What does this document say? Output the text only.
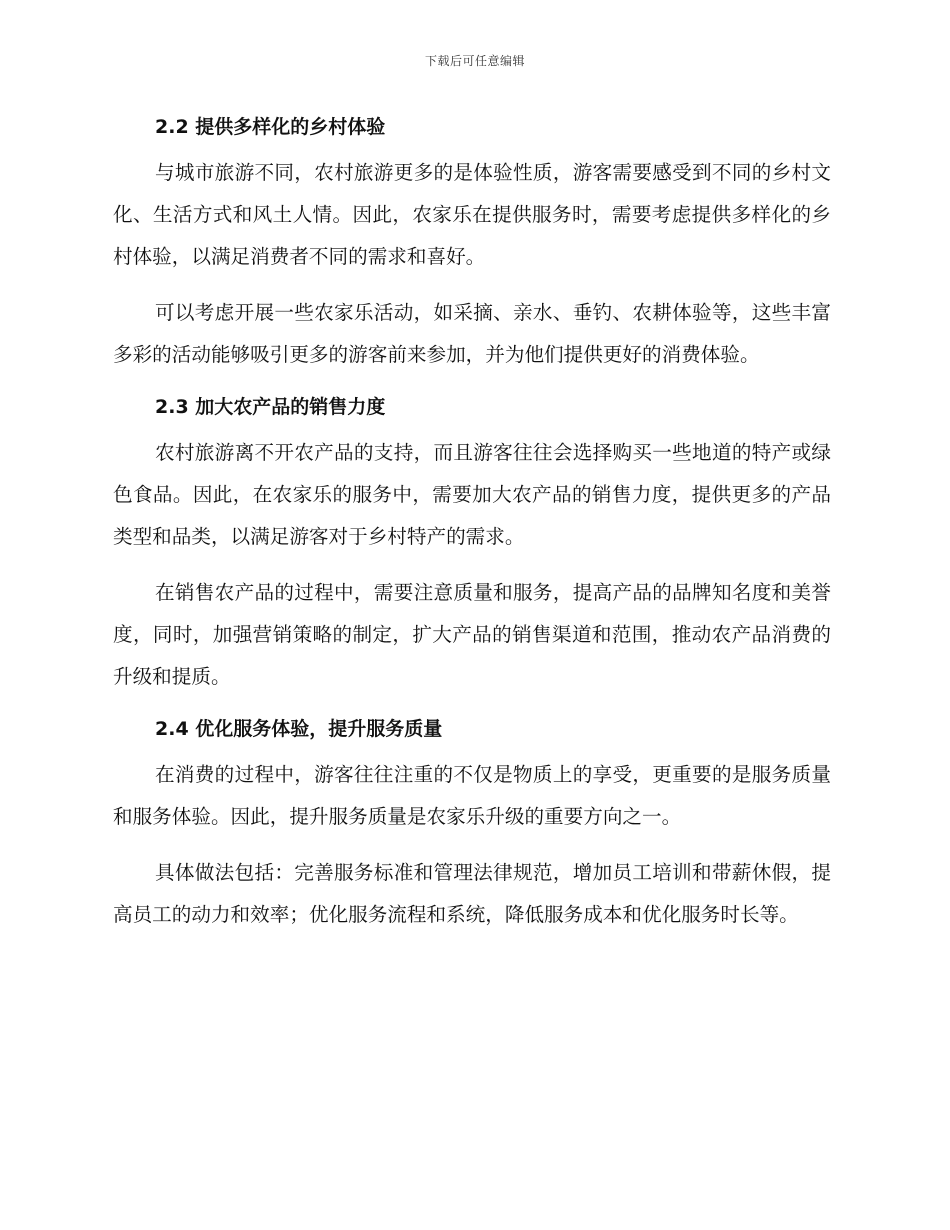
下载后可任意编辑
2.2 提供多样化的乡村体验

与城市旅游不同，农村旅游更多的是体验性质，游客需要感受到不同的乡村文化、生活方式和风土人情。因此，农家乐在提供服务时，需要考虑提供多样化的乡村体验，以满足消费者不同的需求和喜好。

可以考虑开展一些农家乐活动，如采摘、亲水、垂钓、农耕体验等，这些丰富多彩的活动能够吸引更多的游客前来参加，并为他们提供更好的消费体验。

2.3 加大农产品的销售力度

农村旅游离不开农产品的支持，而且游客往往会选择购买一些地道的特产或绿色食品。因此，在农家乐的服务中，需要加大农产品的销售力度，提供更多的产品类型和品类，以满足游客对于乡村特产的需求。

在销售农产品的过程中，需要注意质量和服务，提高产品的品牌知名度和美誉度，同时，加强营销策略的制定，扩大产品的销售渠道和范围，推动农产品消费的升级和提质。

2.4 优化服务体验，提升服务质量

在消费的过程中，游客往往注重的不仅是物质上的享受，更重要的是服务质量和服务体验。因此，提升服务质量是农家乐升级的重要方向之一。

具体做法包括：完善服务标准和管理法律规范，增加员工培训和带薪休假，提高员工的动力和效率；优化服务流程和系统，降低服务成本和优化服务时长等。
